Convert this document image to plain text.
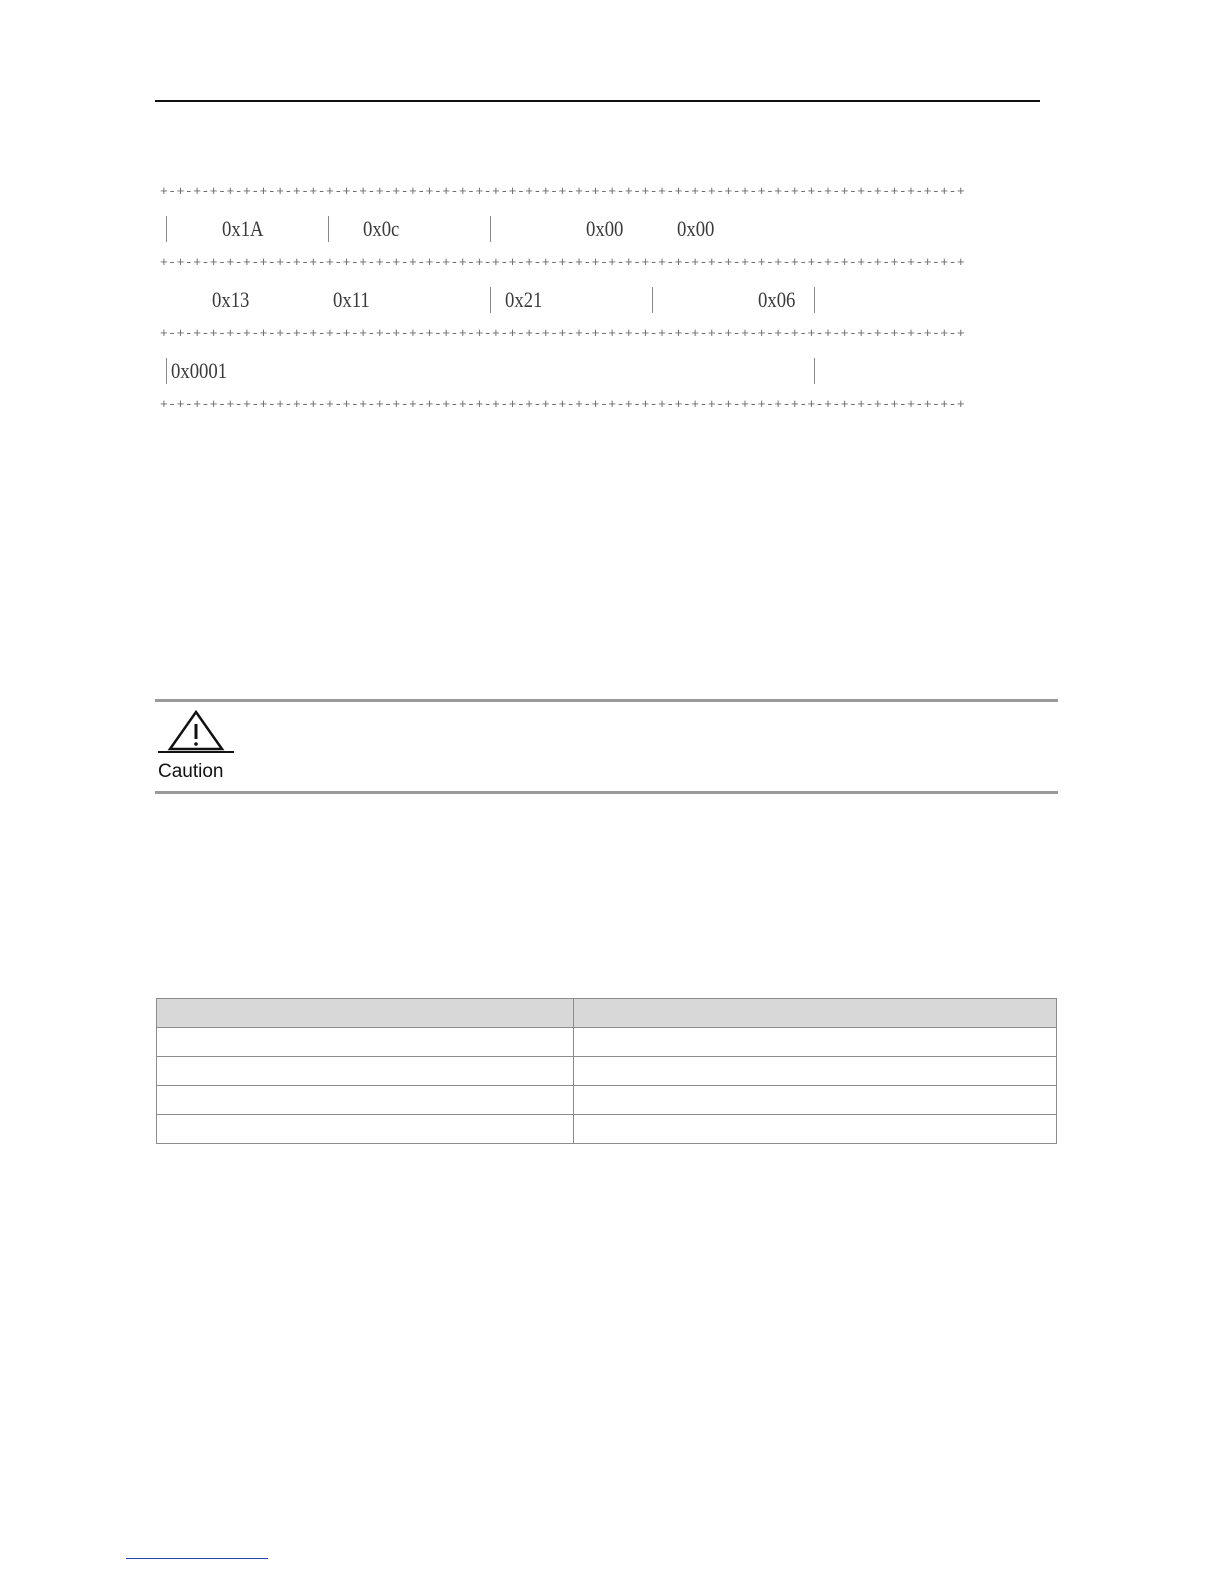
+-+-+-+-+-+-+-+-+-+-+-+-+-+-+-+-+-+-+-+-+-+-+-+-+-+-+-+-+-+-+-+-+-+-+-+-+-+-+-+-+-+-+-+-+-+-+-+-+
0x1A	0x0c	0x00 0x00
+-+-+-+-+-+-+-+-+-+-+-+-+-+-+-+-+-+-+-+-+-+-+-+-+-+-+-+-+-+-+-+-+-+-+-+-+-+-+-+-+-+-+-+-+-+-+-+-+
0x13	0x11	0x21	0x06
+-+-+-+-+-+-+-+-+-+-+-+-+-+-+-+-+-+-+-+-+-+-+-+-+-+-+-+-+-+-+-+-+-+-+-+-+-+-+-+-+-+-+-+-+-+-+-+-+
0x0001
+-+-+-+-+-+-+-+-+-+-+-+-+-+-+-+-+-+-+-+-+-+-+-+-+-+-+-+-+-+-+-+-+-+-+-+-+-+-+-+-+-+-+-+-+-+-+-+-+
Caution
